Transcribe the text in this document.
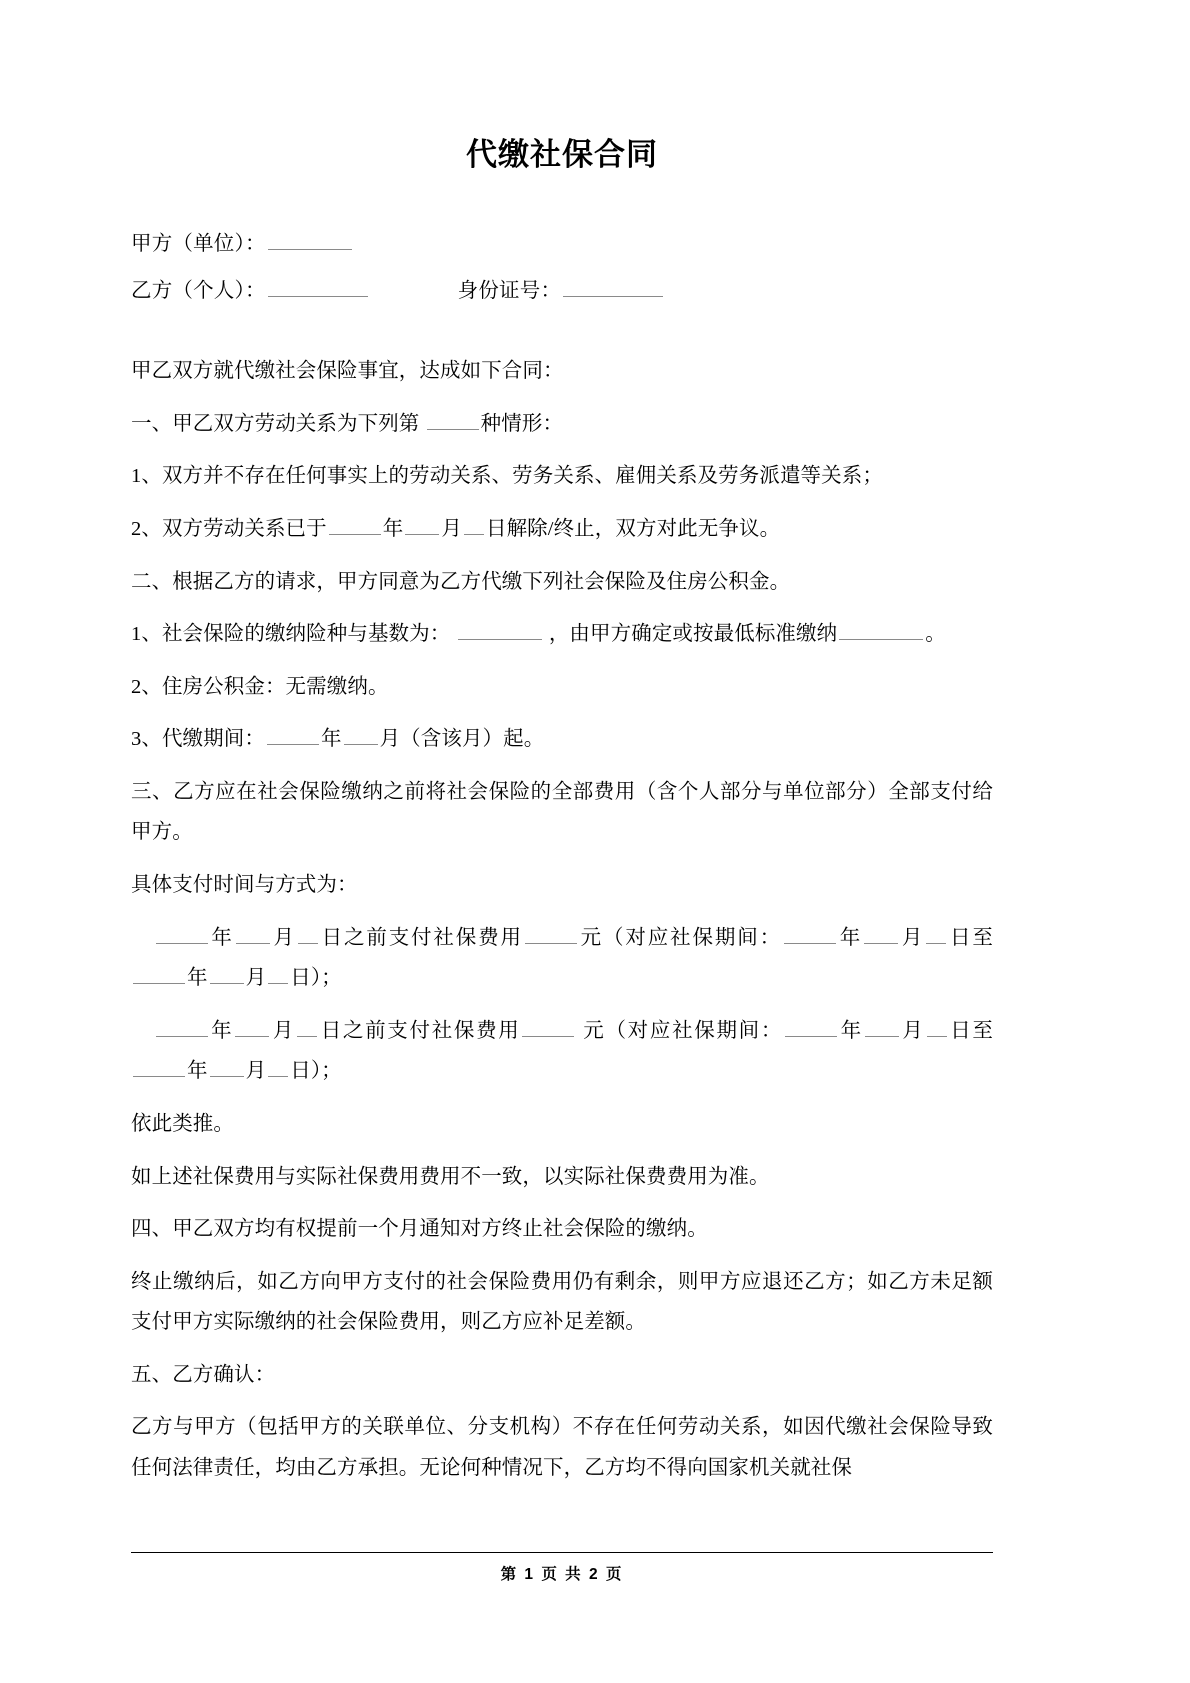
代缴社保合同

甲方（单位）：

乙方（个人）：	身份证号：

甲乙双方就代缴社会保险事宜，达成如下合同：

一、甲乙双方劳动关系为下列第	种情形：

1、双方并不存在任何事实上的劳动关系、劳务关系、雇佣关系及劳务派遣等关系；

2、双方劳动关系已于	年 月 日解除/终止，双方对此无争议。

二、根据乙方的请求，甲方同意为乙方代缴下列社会保险及住房公积金。

1、社会保险的缴纳险种与基数为：	，由甲方确定或按最低标准缴纳	。

2、住房公积金：无需缴纳。

3、代缴期间：	年 月（含该月）起。

三、乙方应在社会保险缴纳之前将社会保险的全部费用（含个人部分与单位部分）全部支付给甲方。

具体支付时间与方式为：

年 月 日之前支付社保费用	元（对应社保期间：	年 月 日至年 月 日）；

年 月 日之前支付社保费用	元（对应社保期间：	年 月 日至年 月 日）；

依此类推。

如上述社保费用与实际社保费用费用不一致，以实际社保费费用为准。

四、甲乙双方均有权提前一个月通知对方终止社会保险的缴纳。

终止缴纳后，如乙方向甲方支付的社会保险费用仍有剩余，则甲方应退还乙方；如乙方未足额支付甲方实际缴纳的社会保险费用，则乙方应补足差额。

五、乙方确认：

乙方与甲方（包括甲方的关联单位、分支机构）不存在任何劳动关系，如因代缴社会保险导致任何法律责任，均由乙方承担。无论何种情况下，乙方均不得向国家机关就社保

第 1 页 共 2 页
